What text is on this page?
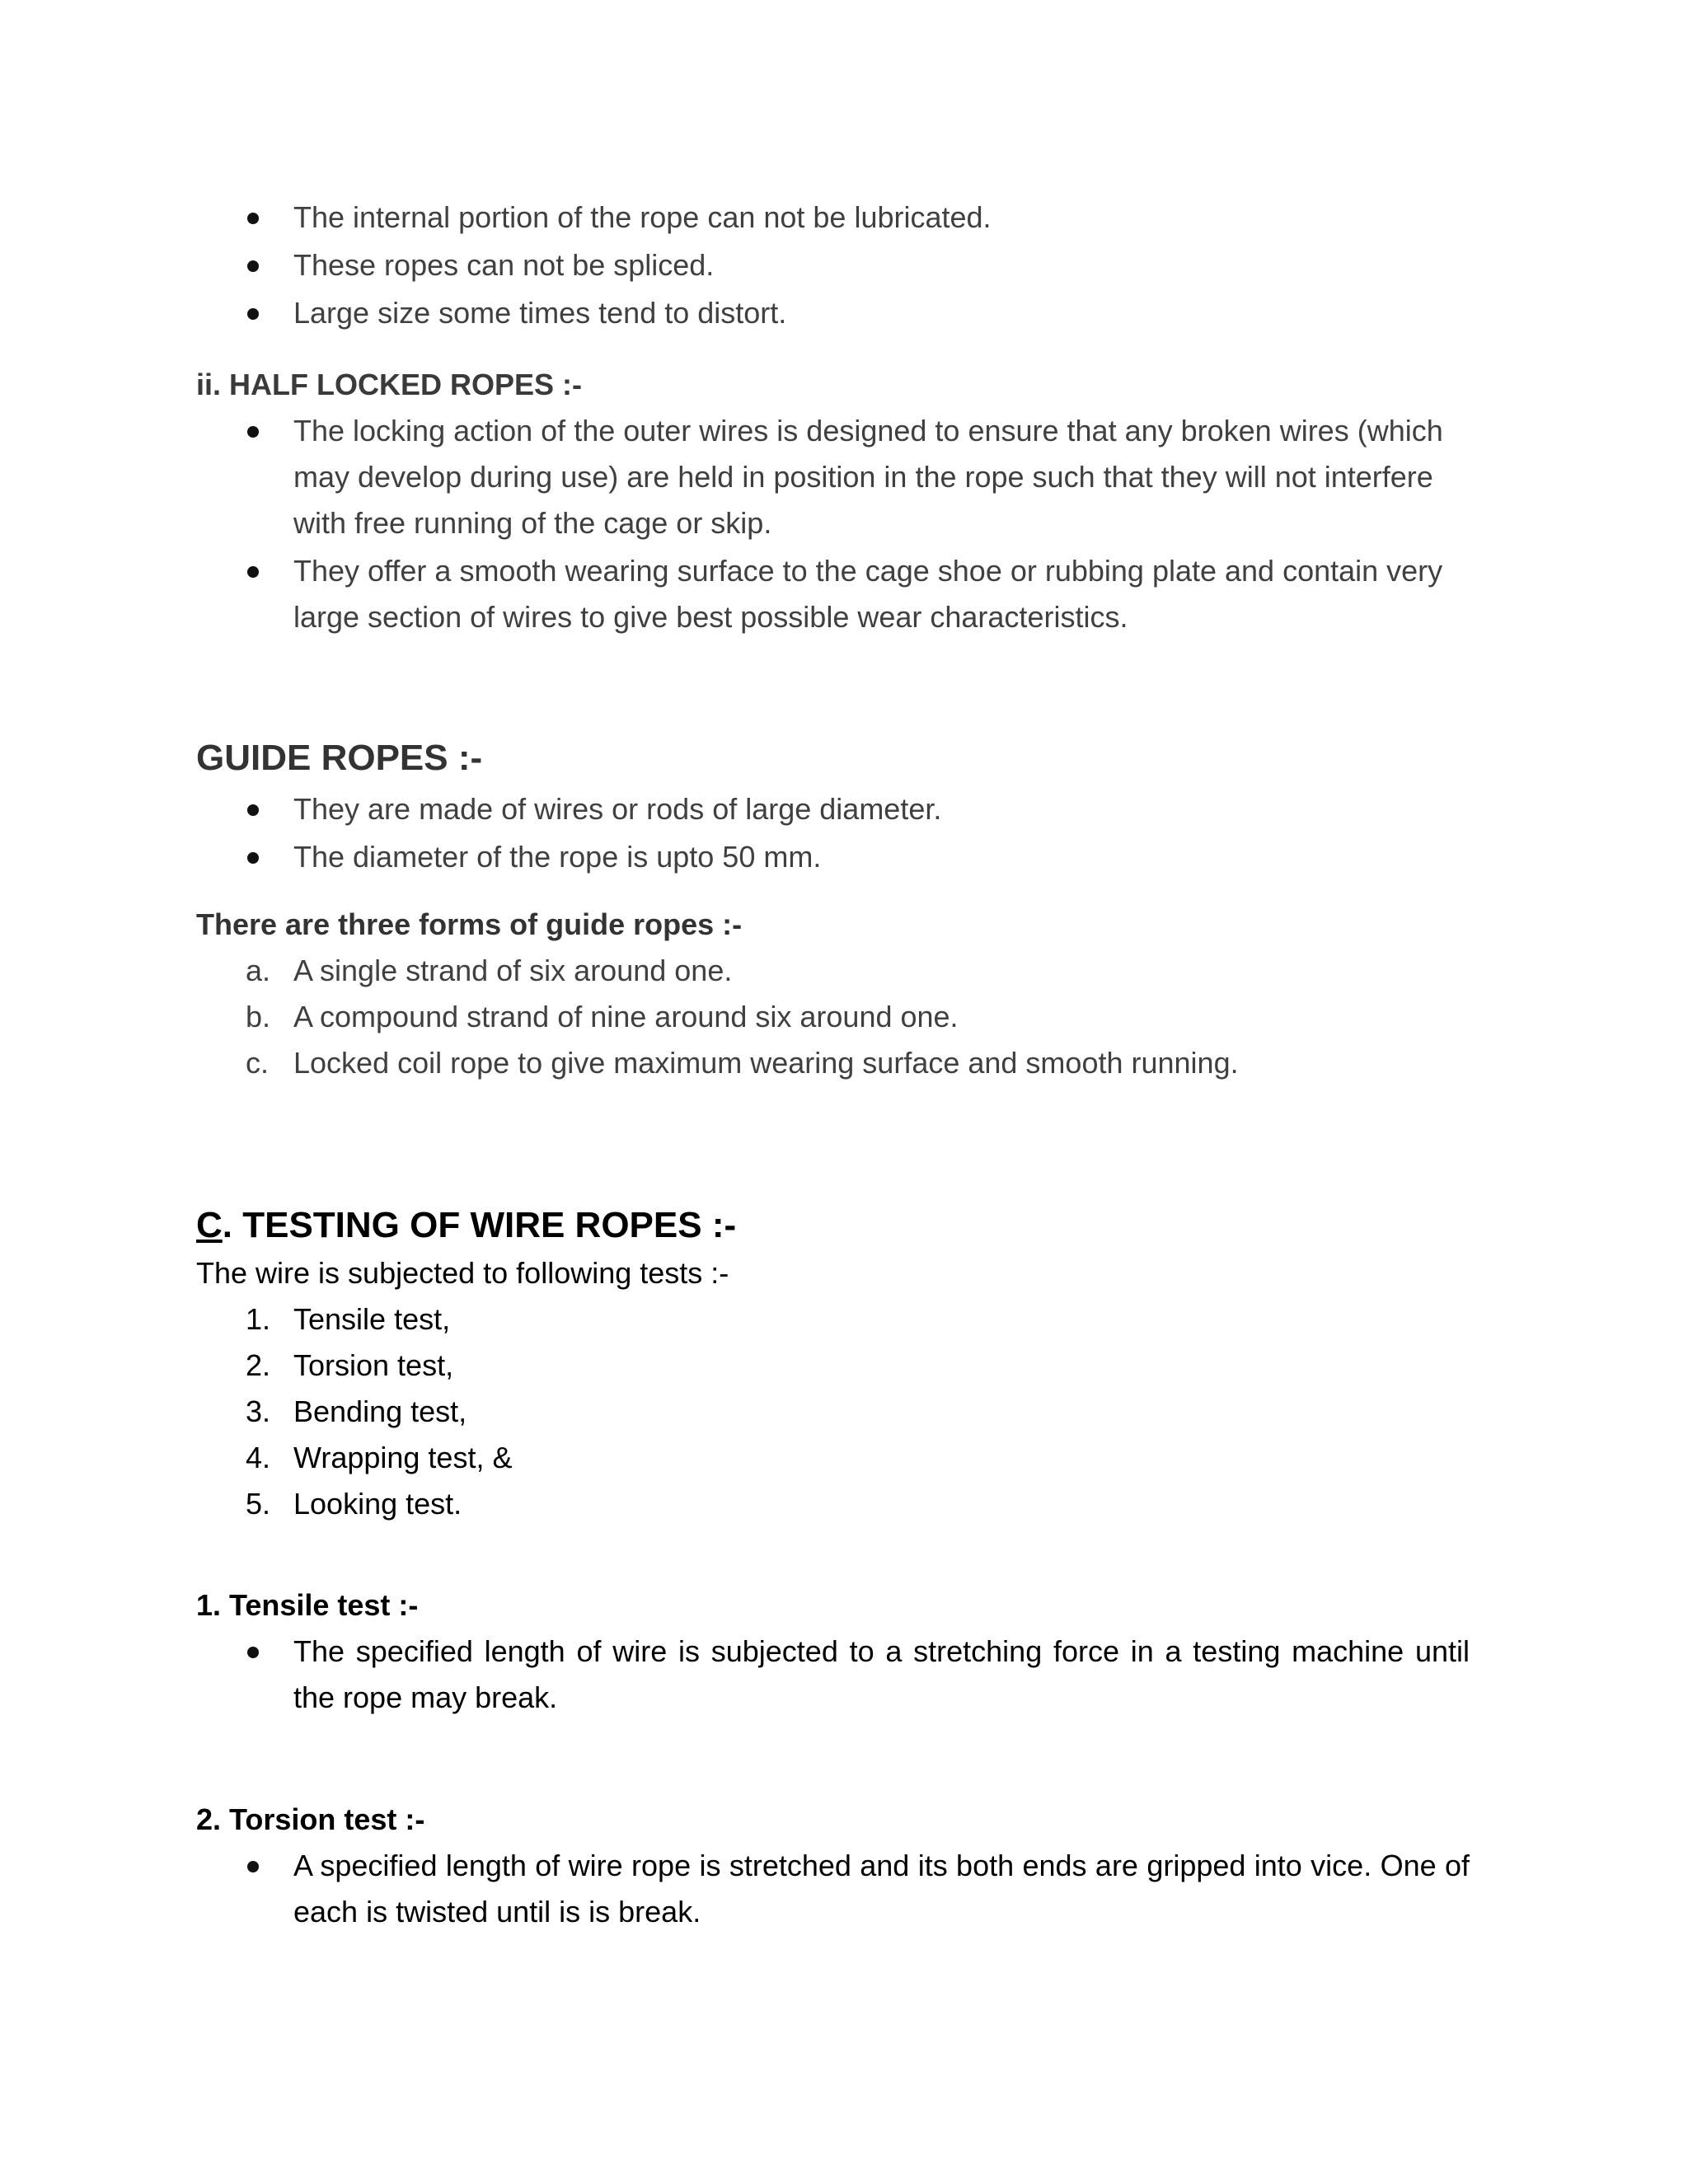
The internal portion of the rope can not be lubricated.
These ropes can not be spliced.
Large size some times tend to distort.
ii. HALF LOCKED ROPES :-
The locking action of the outer wires is designed to ensure that any broken wires (which may develop during use) are held in position in the rope such that they will not interfere with free running of the cage or skip.
They offer a smooth wearing surface to the cage shoe or rubbing plate and contain very large section of wires to give best possible wear characteristics.
GUIDE ROPES :-
They are made of wires or rods of large diameter.
The diameter of the rope is upto 50 mm.
There are three forms of guide ropes :-
a. A single strand of six around one.
b. A compound strand of nine around six around one.
c. Locked coil rope to give maximum wearing surface and smooth running.
C. TESTING OF WIRE ROPES :-

The wire is subjected to following tests :-

1. Tensile test,
2. Torsion test,
3. Bending test,
4. Wrapping test, &
5. Looking test.
1. Tensile test :-
The specified length of wire is subjected to a stretching force in a testing machine until the rope may break.
2. Torsion test :-
A specified length of wire rope is stretched and its both ends are gripped into vice. One of each is twisted until is is break.
